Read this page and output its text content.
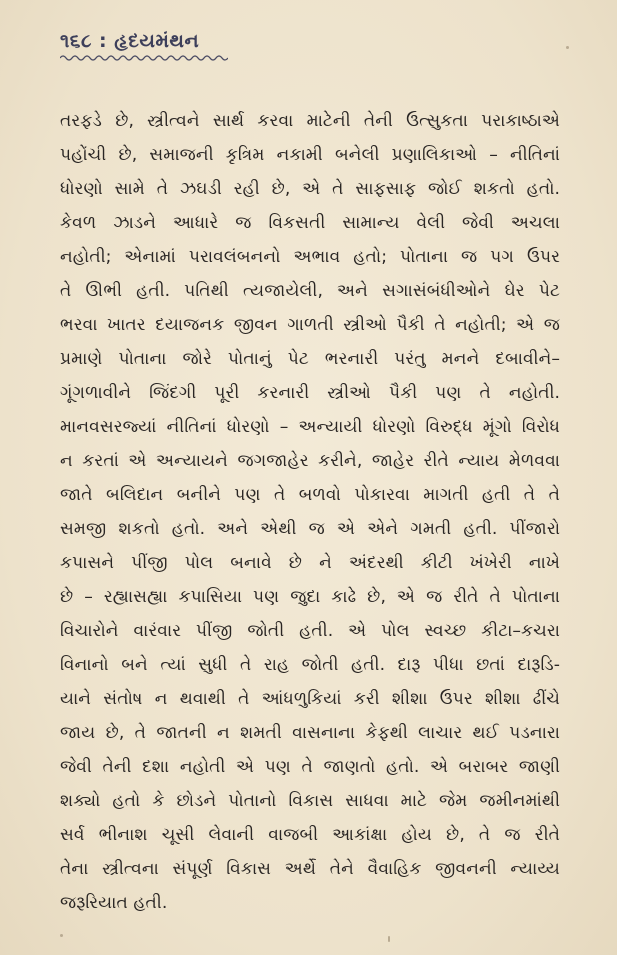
૧૬૮ : હૃદયમંથન
તરફડે છે, સ્ત્રીત્વને સાર્થ કરવા માટેની તેની ઉત્સુકતા પરાકાષ્ઠાએ
પહોંચી છે, સમાજની કૃત્રિમ નકામી બનેલી પ્રણાલિકાઓ – નીતિનાં
ધોરણો સામે તે ઝઘડી રહી છે, એ તે સાફસાફ જોઈ શકતો હતો.
કેવળ ઝાડને આધારે જ વિકસતી સામાન્ય વેલી જેવી અચલા
નહોતી; એનામાં પરાવલંબનનો અભાવ હતો; પોતાના જ પગ ઉપર
તે ઊભી હતી. પતિથી ત્યજાયેલી, અને સગાસંબંધીઓને ઘેર પેટ
ભરવા ખાતર દયાજનક જીવન ગાળતી સ્ત્રીઓ પૈકી તે નહોતી; એ જ
પ્રમાણે પોતાના જોરે પોતાનું પેટ ભરનારી પરંતુ મનને દબાવીને–
ગૂંગળાવીને જિંદગી પૂરી કરનારી સ્ત્રીઓ પૈકી પણ તે નહોતી.
માનવસરજ્યાં નીતિનાં ધોરણો – અન્યાયી ધોરણો વિરુદ્ધ મૂંગો વિરોધ
ન કરતાં એ અન્યાયને જગજાહેર કરીને, જાહેર રીતે ન્યાય મેળવવા
જાતે બલિદાન બનીને પણ તે બળવો પોકારવા માગતી હતી તે તે
સમજી શકતો હતો. અને એથી જ એ એને ગમતી હતી. પીંજારો
કપાસને પીંજી પોલ બનાવે છે ને અંદરથી કીટી ખંખેરી નાખે
છે – રહ્યાસહ્યા કપાસિયા પણ જુદા કાઢે છે, એ જ રીતે તે પોતાના
વિચારોને વારંવાર પીંજી જોતી હતી. એ પોલ સ્વચ્છ કીટા–કચરા
વિનાનો બને ત્યાં સુધી તે રાહ જોતી હતી. દારૂ પીધા છતાં દારૂડિ-
યાને સંતોષ ન થવાથી તે આંધળુકિયાં કરી શીશા ઉપર શીશા ઢીંચે
જાય છે, તે જાતની ન શમતી વાસનાના કેફથી લાચાર થઈ પડનારા
જેવી તેની દશા નહોતી એ પણ તે જાણતો હતો. એ બરાબર જાણી
શક્યો હતો કે છોડને પોતાનો વિકાસ સાધવા માટે જેમ જમીનમાંથી
સર્વ ભીનાશ ચૂસી લેવાની વાજબી આકાંક્ષા હોય છે, તે જ રીતે
તેના સ્ત્રીત્વના સંપૂર્ણ વિકાસ અર્થે તેને વૈવાહિક જીવનની ન્યાય્ય
જરૂરિયાત હતી.
